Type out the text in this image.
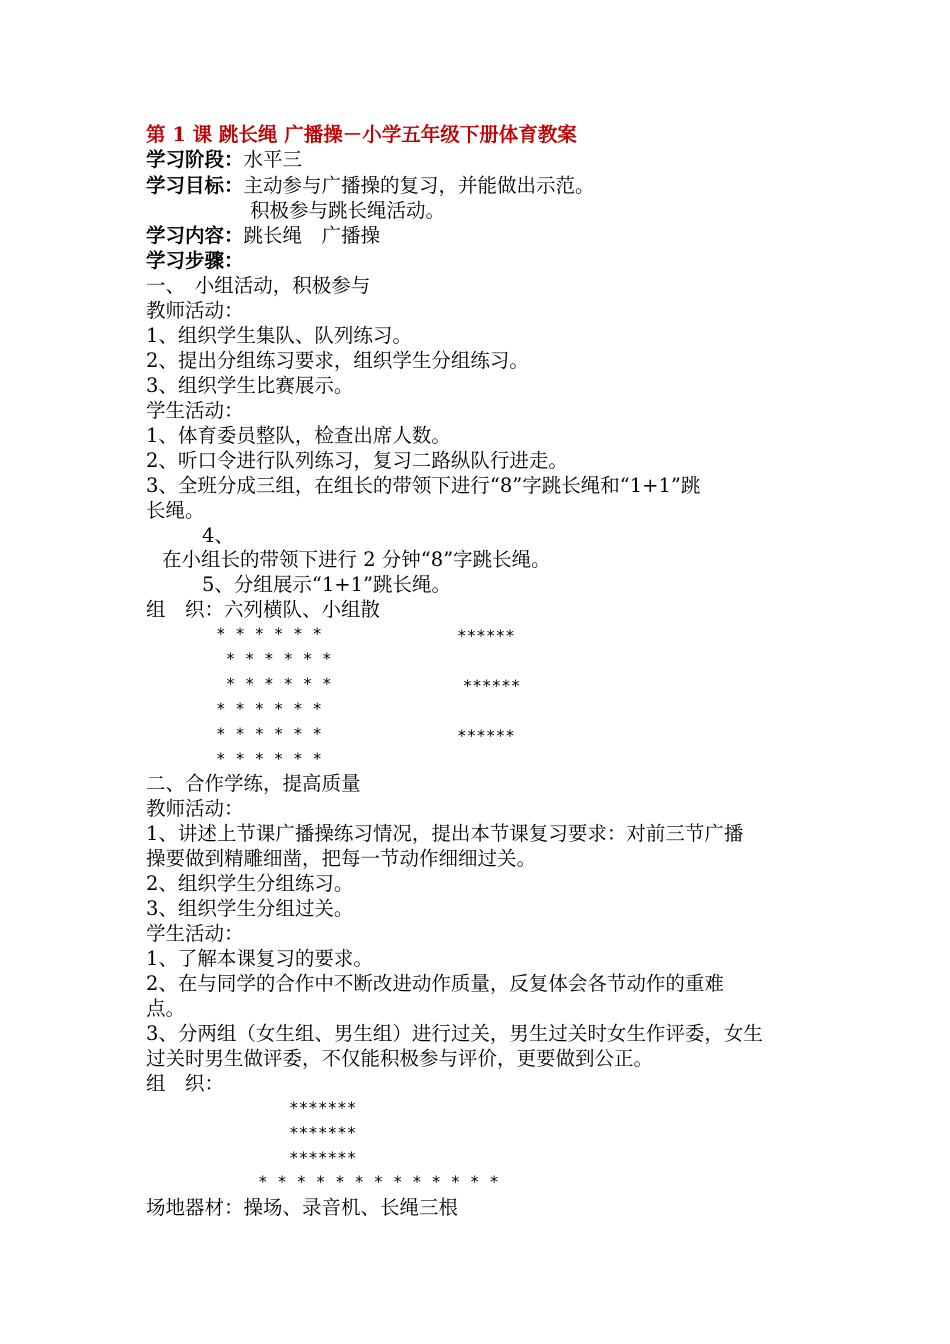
第 1 课 跳长绳 广播操－小学五年级下册体育教案
学习阶段：水平三
学习目标：主动参与广播操的复习，并能做出示范。
积极参与跳长绳活动。
学习内容：跳长绳　广播操
学习步骤：
一、　小组活动，积极参与
教师活动：
1、组织学生集队、队列练习。
2、提出分组练习要求，组织学生分组练习。
3、组织学生比赛展示。
学生活动：
1、体育委员整队，检查出席人数。
2、听口令进行队列练习，复习二路纵队行进走。
3、全班分成三组，在组长的带领下进行“8”字跳长绳和“1+1”跳
长绳。
4、
在小组长的带领下进行 2 分钟“8”字跳长绳。
5、分组展示“1+1”跳长绳。
组　织：六列横队、小组散
* * * * * *
* * * * * *
* * * * * *
* * * * * *
* * * * * *
* * * * * *
******
******
******
二、合作学练，提高质量
教师活动：
1、讲述上节课广播操练习情况，提出本节课复习要求：对前三节广播
操要做到精雕细凿，把每一节动作细细过关。
2、组织学生分组练习。
3、组织学生分组过关。
学生活动：
1、了解本课复习的要求。
2、在与同学的合作中不断改进动作质量，反复体会各节动作的重难
点。
3、分两组（女生组、男生组）进行过关，男生过关时女生作评委，女生
过关时男生做评委，不仅能积极参与评价，更要做到公正。
组　织：
*******
*******
*******
* * * * * * * * * * * * *
场地器材：操场、录音机、长绳三根
